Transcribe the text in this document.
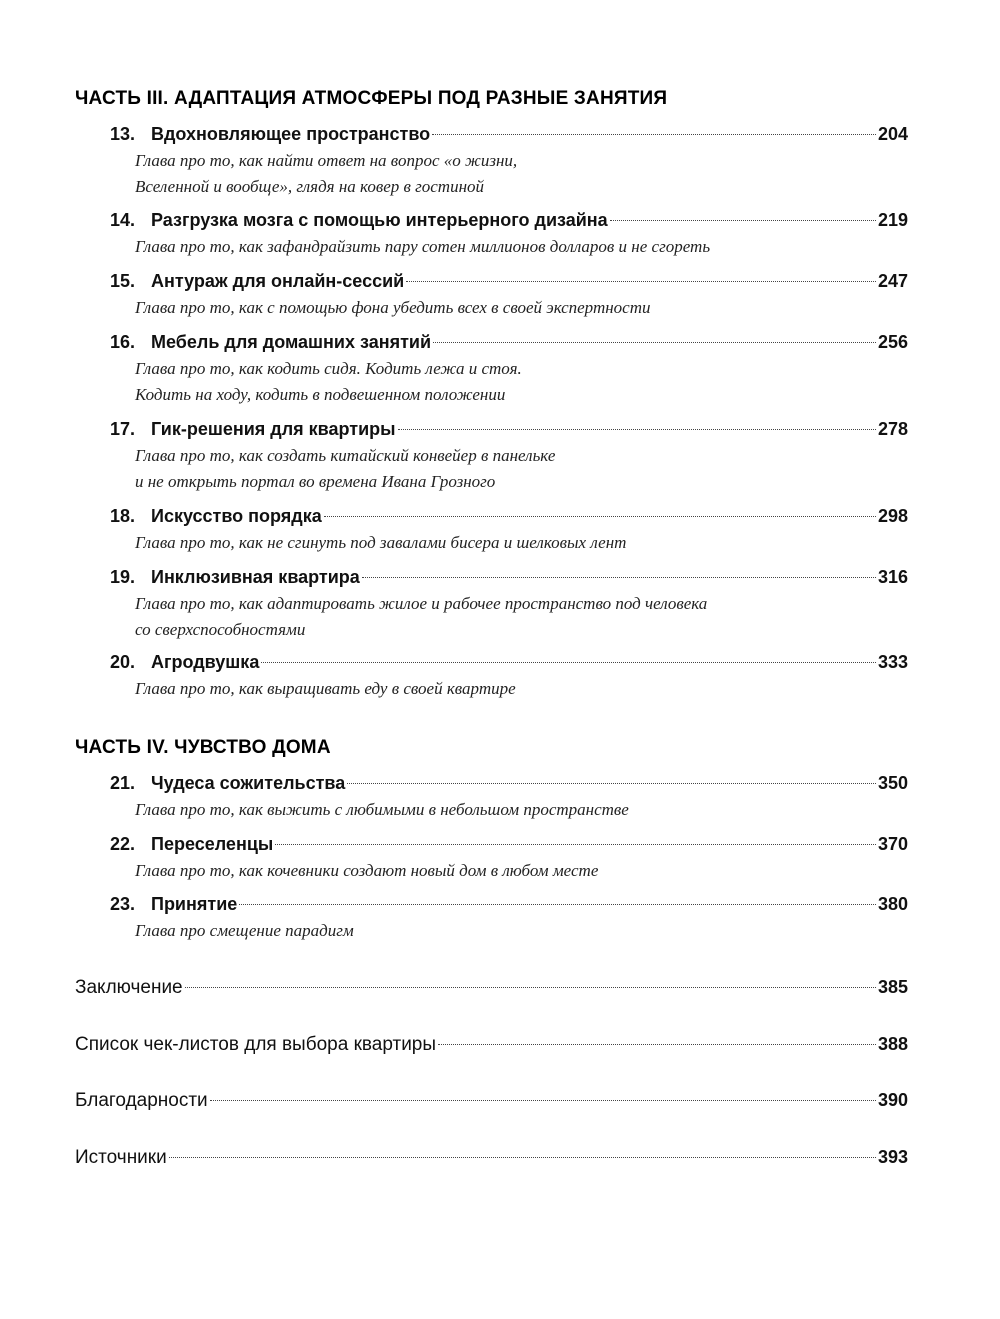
ЧАСТЬ III. АДАПТАЦИЯ АТМОСФЕРЫ ПОД РАЗНЫЕ ЗАНЯТИЯ
13. Вдохновляющее пространство	204
Глава про то, как найти ответ на вопрос «о жизни,
Вселенной и вообще», глядя на ковер в гостиной
14. Разгрузка мозга с помощью интерьерного дизайна	219
Глава про то, как зафандрайзить пару сотен миллионов долларов и не сгореть
15. Антураж для онлайн-сессий	247
Глава про то, как с помощью фона убедить всех в своей экспертности
16. Мебель для домашних занятий	256
Глава про то, как кодить сидя. Кодить лежа и стоя.
Кодить на ходу, кодить в подвешенном положении
17. Гик-решения для квартиры	278
Глава про то, как создать китайский конвейер в панельке
и не открыть портал во времена Ивана Грозного
18. Искусство порядка	298
Глава про то, как не сгинуть под завалами бисера и шелковых лент
19. Инклюзивная квартира	316
Глава про то, как адаптировать жилое и рабочее пространство под человека
со сверхспособностями
20. Агродвушка	333
Глава про то, как выращивать еду в своей квартире
ЧАСТЬ IV. ЧУВСТВО ДОМА
21. Чудеса сожительства	350
Глава про то, как выжить с любимыми в небольшом пространстве
22. Переселенцы	370
Глава про то, как кочевники создают новый дом в любом месте
23. Принятие	380
Глава про смещение парадигм
Заключение	385
Список чек-листов для выбора квартиры	388
Благодарности	390
Источники	393
